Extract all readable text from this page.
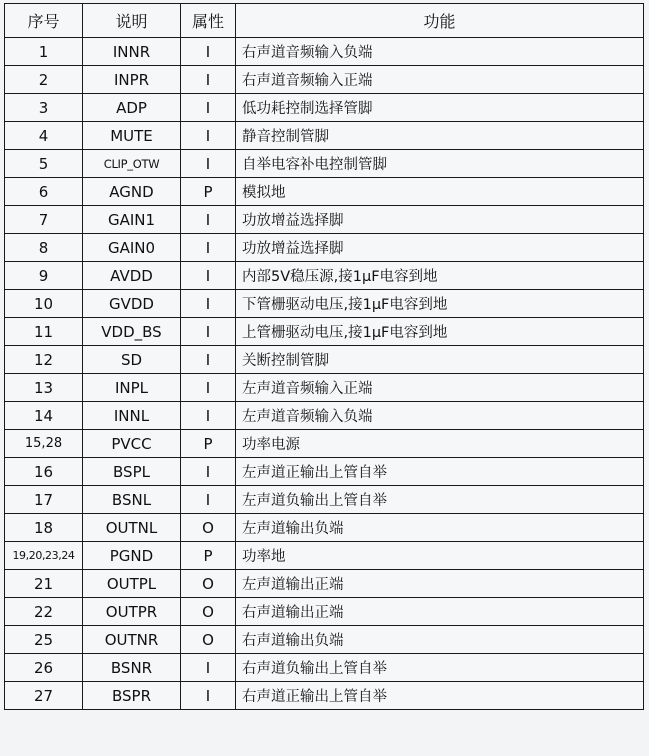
序号	说明	属性	功能
1	INNR	I	右声道音频输入负端
2	INPR	I	右声道音频输入正端
3	ADP	I	低功耗控制选择管脚
4	MUTE	I	静音控制管脚
5	CLIP_OTW	I	自举电容补电控制管脚
6	AGND	P	模拟地
7	GAIN1	I	功放增益选择脚
8	GAIN0	I	功放增益选择脚
9	AVDD	I	内部5V稳压源,接1μF电容到地
10	GVDD	I	下管栅驱动电压,接1μF电容到地
11	VDD_BS	I	上管栅驱动电压,接1μF电容到地
12	SD	I	关断控制管脚
13	INPL	I	左声道音频输入正端
14	INNL	I	左声道音频输入负端
15,28	PVCC	P	功率电源
16	BSPL	I	左声道正输出上管自举
17	BSNL	I	左声道负输出上管自举
18	OUTNL	O	左声道输出负端
19,20,23,24	PGND	P	功率地
21	OUTPL	O	左声道输出正端
22	OUTPR	O	右声道输出正端
25	OUTNR	O	右声道输出负端
26	BSNR	I	右声道负输出上管自举
27	BSPR	I	右声道正输出上管自举
